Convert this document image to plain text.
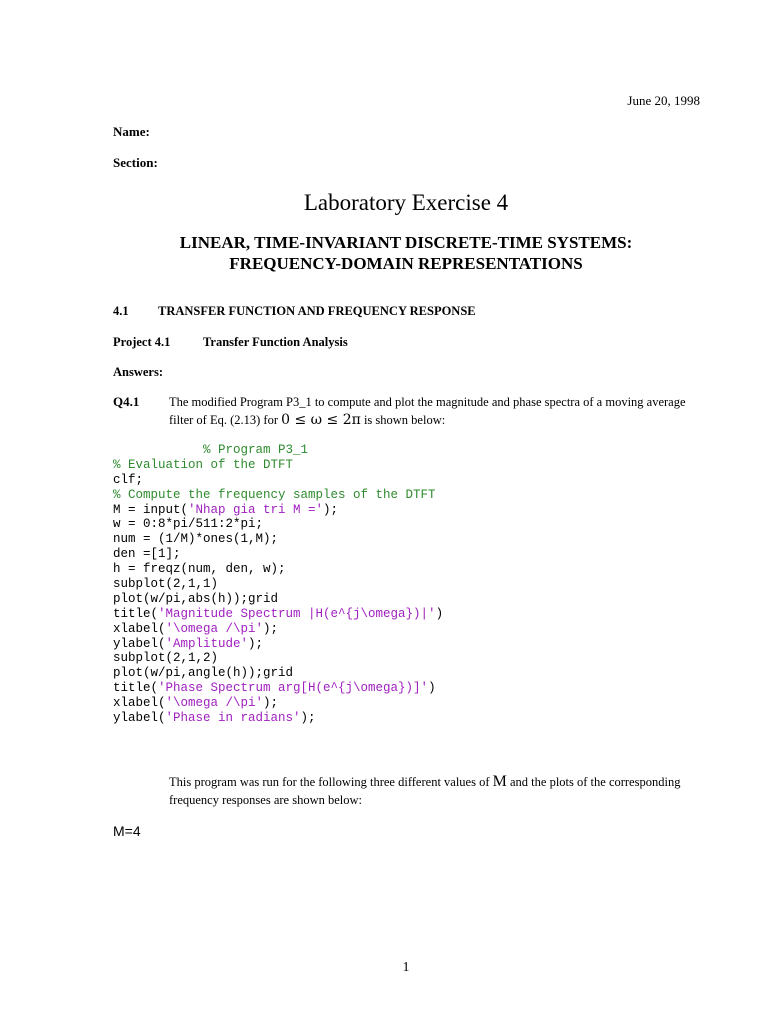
June 20, 1998
Name:
Section:
Laboratory Exercise 4
LINEAR, TIME-INVARIANT DISCRETE-TIME SYSTEMS:
FREQUENCY-DOMAIN REPRESENTATIONS
4.1 TRANSFER FUNCTION AND FREQUENCY RESPONSE
Project 4.1	Transfer Function Analysis
Answers:
Q4.1 The modified Program P3_1 to compute and plot the magnitude and phase spectra of a moving average
filter of Eq. (2.13) for 0 ≤ ω ≤ 2π is shown below:
% Program P3_1
% Evaluation of the DTFT
clf;
% Compute the frequency samples of the DTFT
M = input('Nhap gia tri M =');
w = 0:8*pi/511:2*pi;
num = (1/M)*ones(1,M);
den =[1];
h = freqz(num, den, w);
subplot(2,1,1)
plot(w/pi,abs(h));grid
title('Magnitude Spectrum |H(e^{j\omega})|')
xlabel('\omega /\pi');
ylabel('Amplitude');
subplot(2,1,2)
plot(w/pi,angle(h));grid
title('Phase Spectrum arg[H(e^{j\omega})]')
xlabel('\omega /\pi');
ylabel('Phase in radians');
This program was run for the following three different values of M and the plots of the corresponding
frequency responses are shown below:
M=4
1
